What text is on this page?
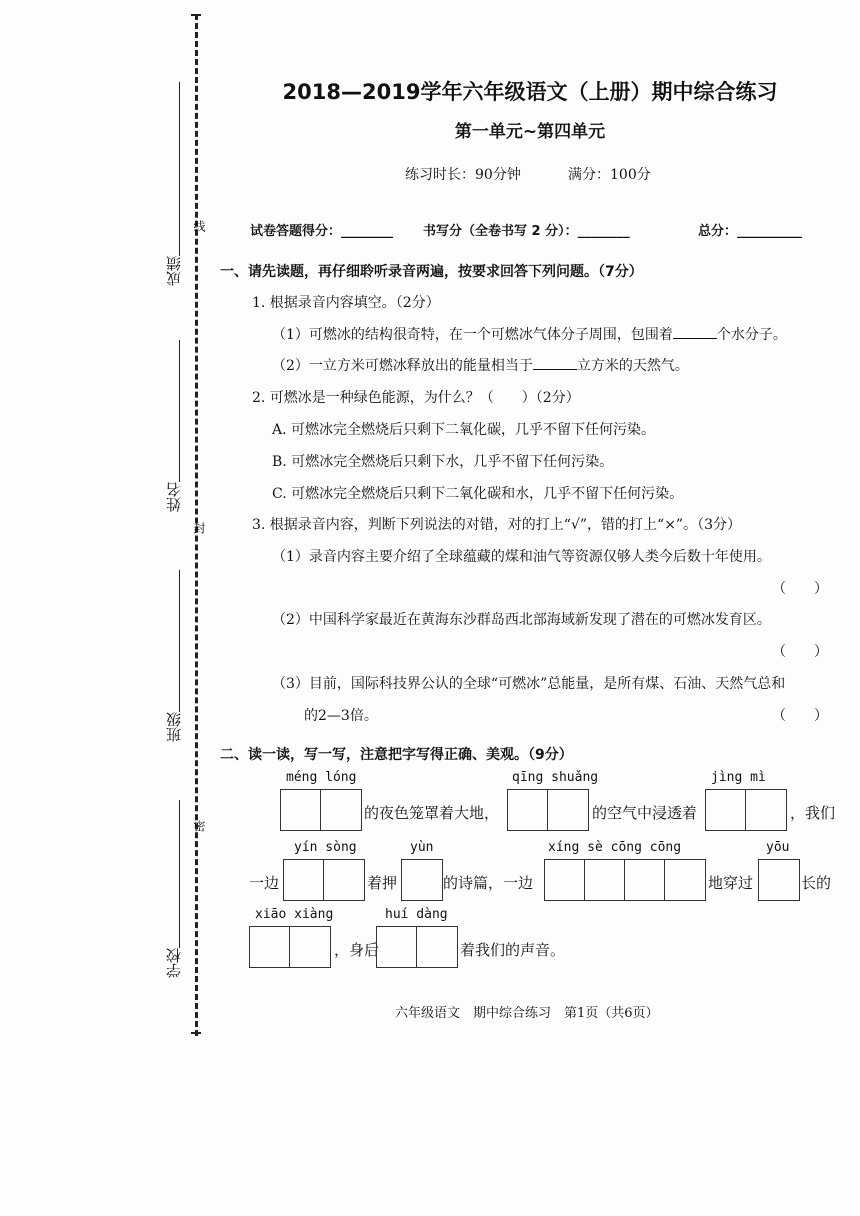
成绩
线
姓名
封
班级
密
学校
2018—2019学年六年级语文（上册）期中综合练习
第一单元~第四单元
练习时长：90分钟	满分：100分
试卷答题得分：________ 书写分（全卷书写 2 分）：________	总分：__________
一、请先读题，再仔细聆听录音两遍，按要求回答下列问题。（7分）
1. 根据录音内容填空。（2分）
（1）可燃冰的结构很奇特，在一个可燃冰气体分子周围，包围着	个水分子。
（2）一立方米可燃冰释放出的能量相当于	立方米的天然气。
2. 可燃冰是一种绿色能源，为什么？（　　）（2分）
A. 可燃冰完全燃烧后只剩下二氧化碳，几乎不留下任何污染。
B. 可燃冰完全燃烧后只剩下水，几乎不留下任何污染。
C. 可燃冰完全燃烧后只剩下二氧化碳和水，几乎不留下任何污染。
3. 根据录音内容，判断下列说法的对错，对的打上“√”，错的打上“×”。（3分）
（1）录音内容主要介绍了全球蕴藏的煤和油气等资源仅够人类今后数十年使用。
（　　）
（2）中国科学家最近在黄海东沙群岛西北部海域新发现了潜在的可燃冰发育区。
（　　）
（3）目前，国际科技界公认的全球“可燃冰”总能量，是所有煤、石油、天然气总和
的2—3倍。	（　　）
二、读一读，写一写，注意把字写得正确、美观。（9分）
méng lóng
的夜色笼罩着大地，
qīng shuǎng
的空气中浸透着
jìng mì
，我们
一边
yín sòng
着押
yùn
的诗篇，一边
xíng sè cōng cōng
地穿过
yōu
长的
xiāo xiàng
，身后
huí dàng
着我们的声音。
六年级语文　期中综合练习　第1页（共6页）
